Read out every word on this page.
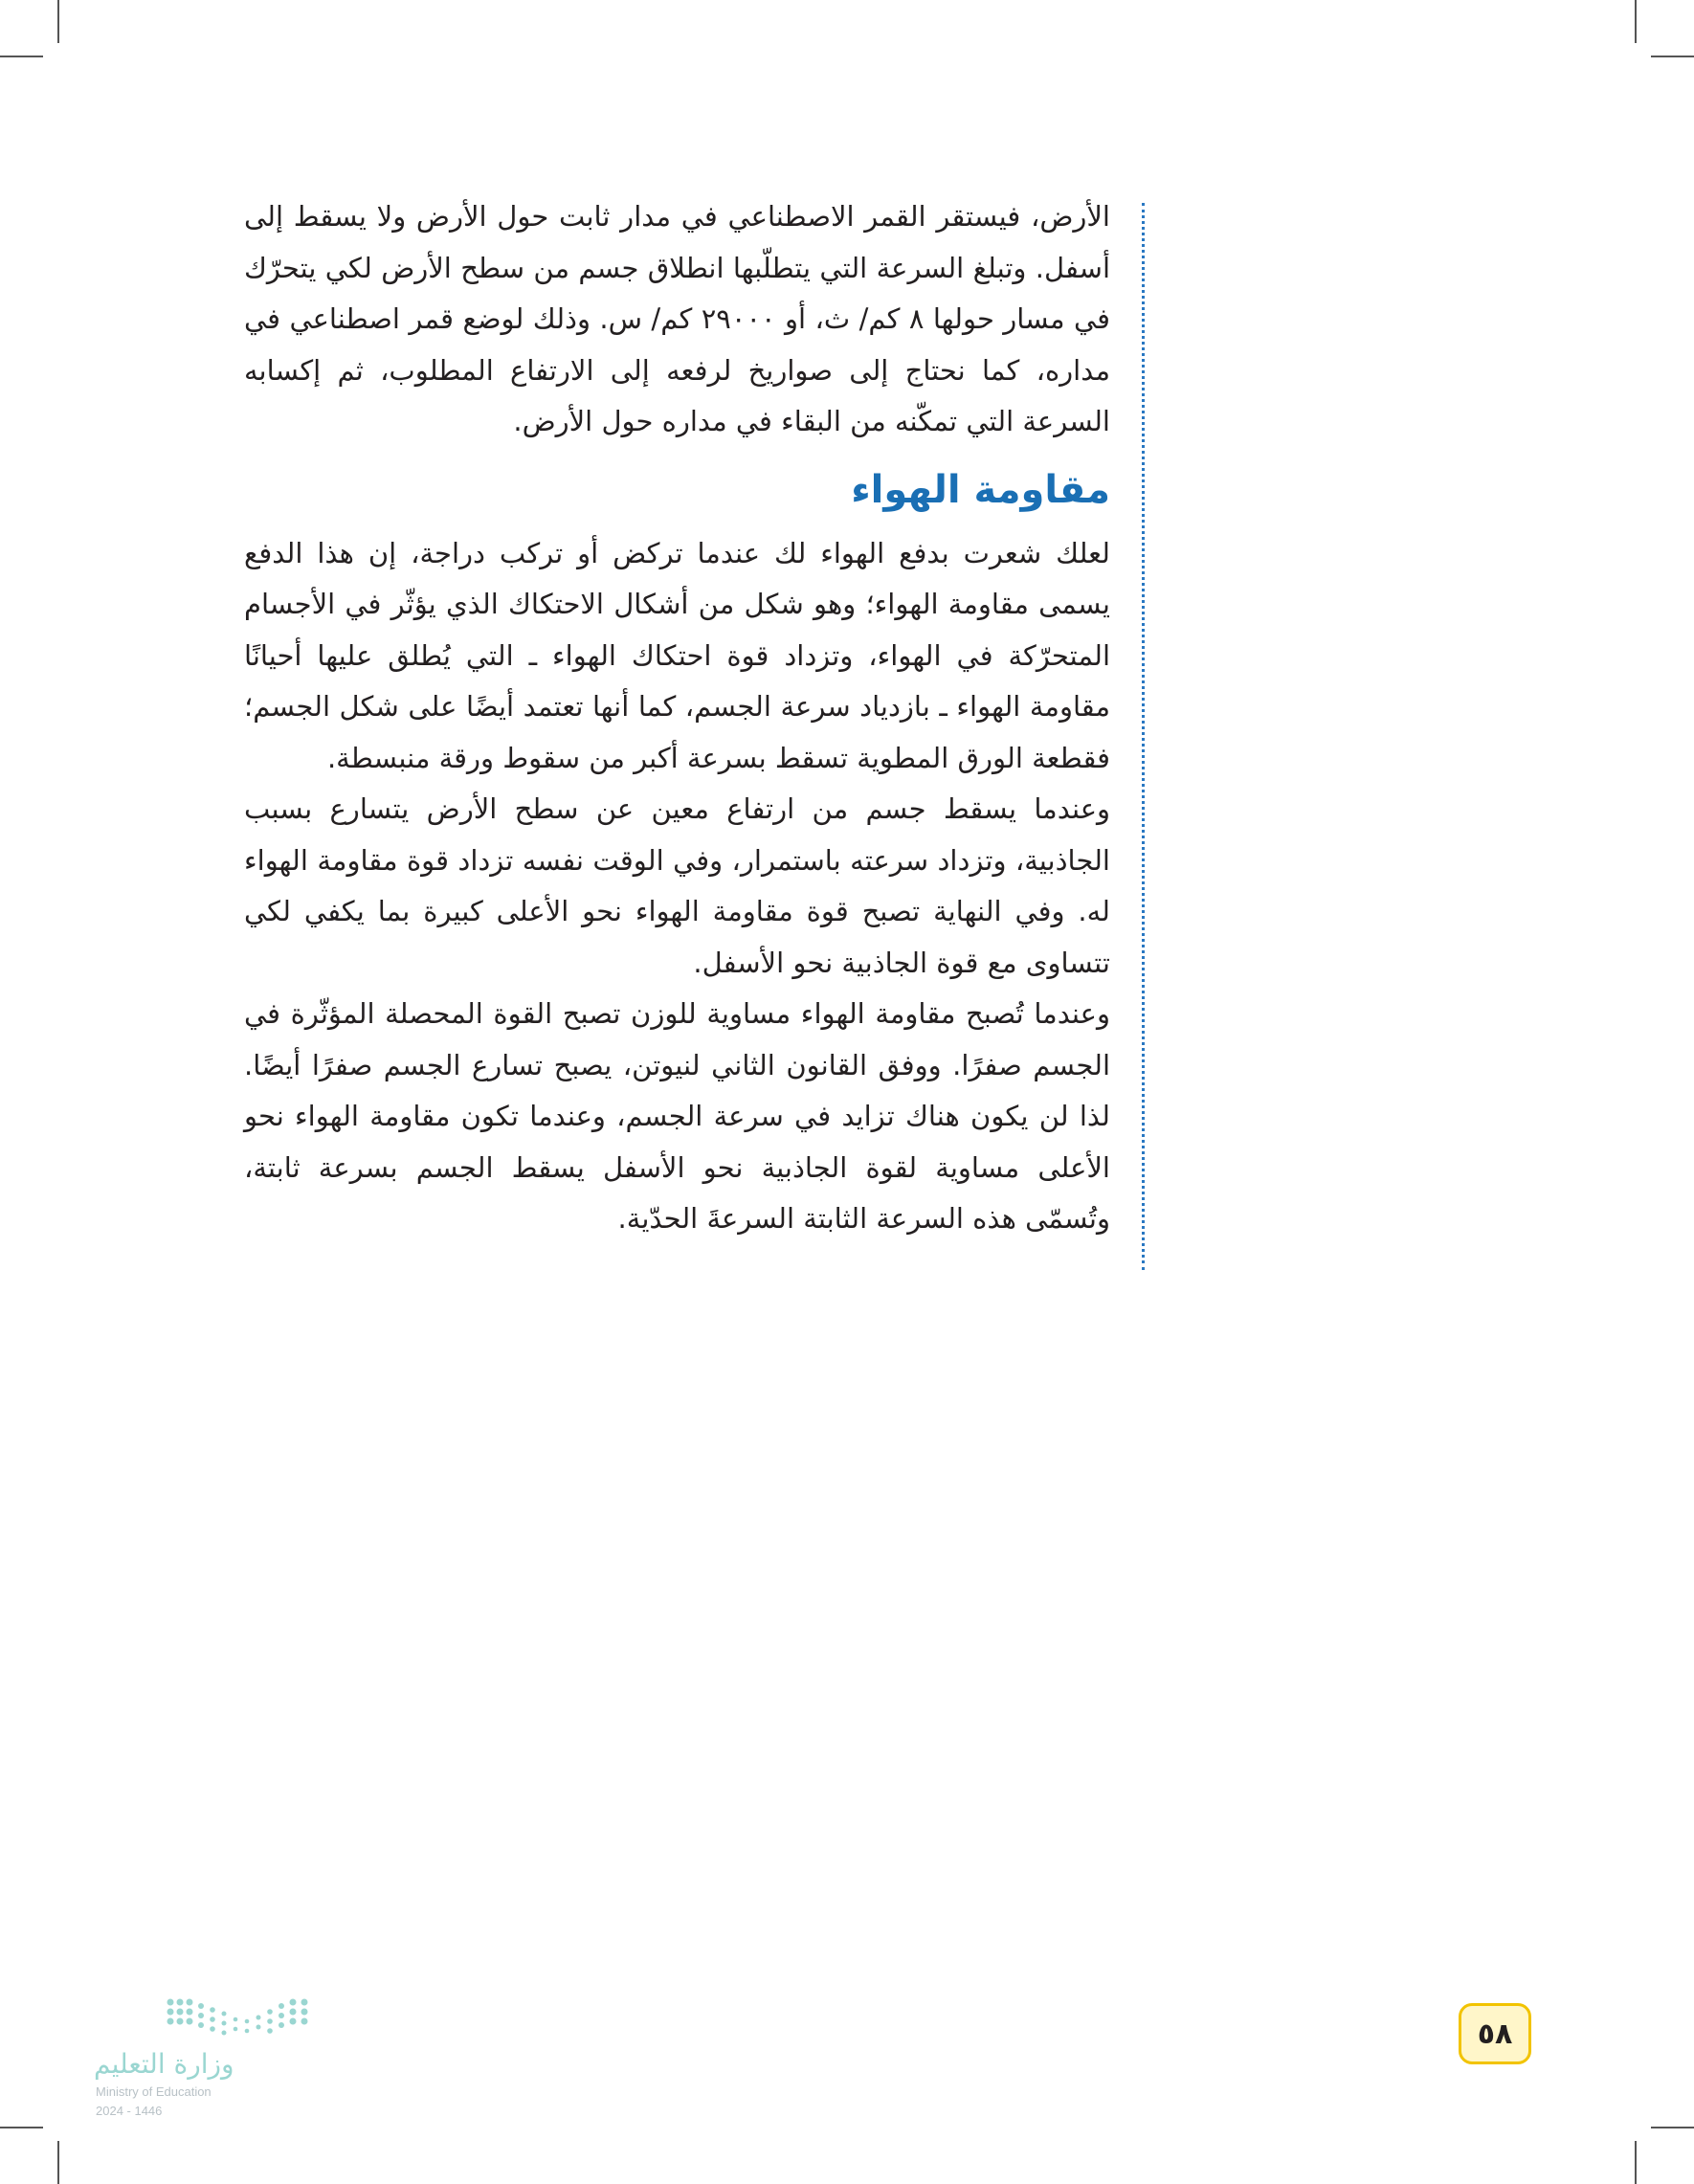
الأرض، فيستقر القمر الاصطناعي في مدار ثابت حول الأرض ولا يسقط إلى أسفل. وتبلغ السرعة التي يتطلّبها انطلاق جسم من سطح الأرض لكي يتحرّك في مسار حولها ٨ كم/ ث، أو ٢٩٠٠٠ كم/ س. وذلك لوضع قمر اصطناعي في مداره، كما نحتاج إلى صواريخ لرفعه إلى الارتفاع المطلوب، ثم إكسابه السرعة التي تمكّنه من البقاء في مداره حول الأرض.

مقاومة الهواء

لعلك شعرت بدفع الهواء لك عندما تركض أو تركب دراجة، إن هذا الدفع يسمى مقاومة الهواء؛ وهو شكل من أشكال الاحتكاك الذي يؤثّر في الأجسام المتحرّكة في الهواء، وتزداد قوة احتكاك الهواء ـ التي يُطلق عليها أحيانًا مقاومة الهواء ـ بازدياد سرعة الجسم، كما أنها تعتمد أيضًا على شكل الجسم؛ فقطعة الورق المطوية تسقط بسرعة أكبر من سقوط ورقة منبسطة.

وعندما يسقط جسم من ارتفاع معين عن سطح الأرض يتسارع بسبب الجاذبية، وتزداد سرعته باستمرار، وفي الوقت نفسه تزداد قوة مقاومة الهواء له. وفي النهاية تصبح قوة مقاومة الهواء نحو الأعلى كبيرة بما يكفي لكي تتساوى مع قوة الجاذبية نحو الأسفل.

وعندما تُصبح مقاومة الهواء مساوية للوزن تصبح القوة المحصلة المؤثّرة في الجسم صفرًا. ووفق القانون الثاني لنيوتن، يصبح تسارع الجسم صفرًا أيضًا. لذا لن يكون هناك تزايد في سرعة الجسم، وعندما تكون مقاومة الهواء نحو الأعلى مساوية لقوة الجاذبية نحو الأسفل يسقط الجسم بسرعة ثابتة، وتُسمّى هذه السرعة الثابتة السرعةَ الحدّية.

وزارة التعليم
Ministry of Education
2024 - 1446
٥٨
